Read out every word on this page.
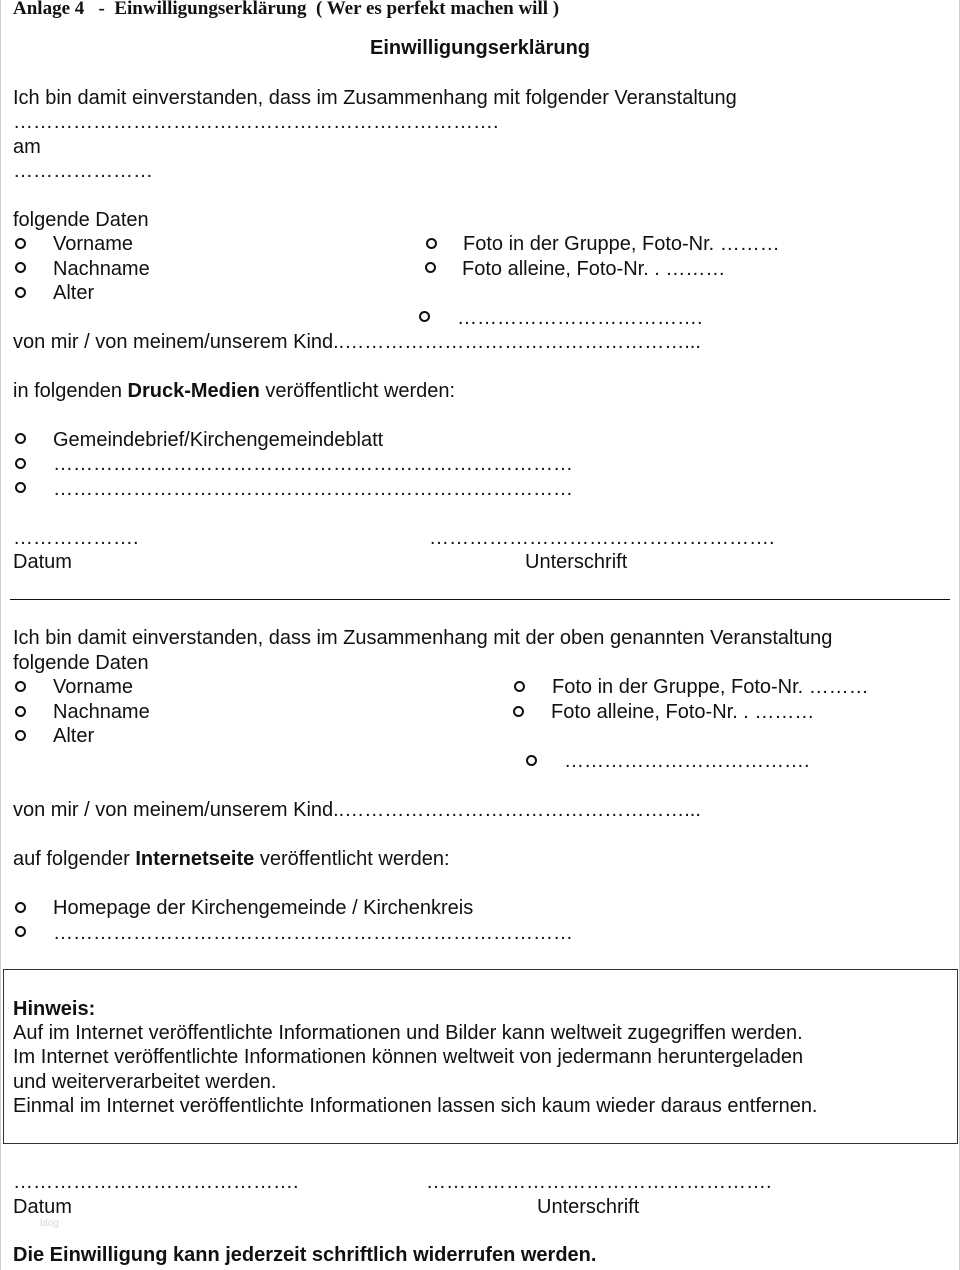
Anlage 4   -  Einwilligungserklärung  ( Wer es perfekt machen will )
Einwilligungserklärung
Ich bin damit einverstanden, dass im Zusammenhang mit folgender Veranstaltung
……………………………………………………………….
am
…………………
folgende Daten
Vorname
Nachname
Alter
Foto in der Gruppe, Foto-Nr. ………
Foto alleine, Foto-Nr. . ………
……………………………….
von mir / von meinem/unserem Kind..……………………………………………...
in folgenden Druck-Medien veröffentlicht werden:
Gemeindebrief/Kirchengemeindeblatt
……………………………………………………………………
……………………………………………………………………
……………….	…………………………………………….
Datum	Unterschrift
Ich bin damit einverstanden, dass im Zusammenhang mit der oben genannten Veranstaltung
folgende Daten
Vorname
Nachname
Alter
Foto in der Gruppe, Foto-Nr. ………
Foto alleine, Foto-Nr. . ………
……………………………….
von mir / von meinem/unserem Kind..……………………………………………...
auf folgender Internetseite veröffentlicht werden:
Homepage der Kirchengemeinde / Kirchenkreis
……………………………………………………………………
Hinweis:
Auf im Internet veröffentlichte Informationen und Bilder kann weltweit zugegriffen werden.
Im Internet veröffentlichte Informationen können weltweit von jedermann heruntergeladen
und weiterverarbeitet werden.
Einmal im Internet veröffentlichte Informationen lassen sich kaum wieder daraus entfernen.
…………………………………….	…………………………………………….
Datum	Unterschrift
blog
Die Einwilligung kann jederzeit schriftlich widerrufen werden.
